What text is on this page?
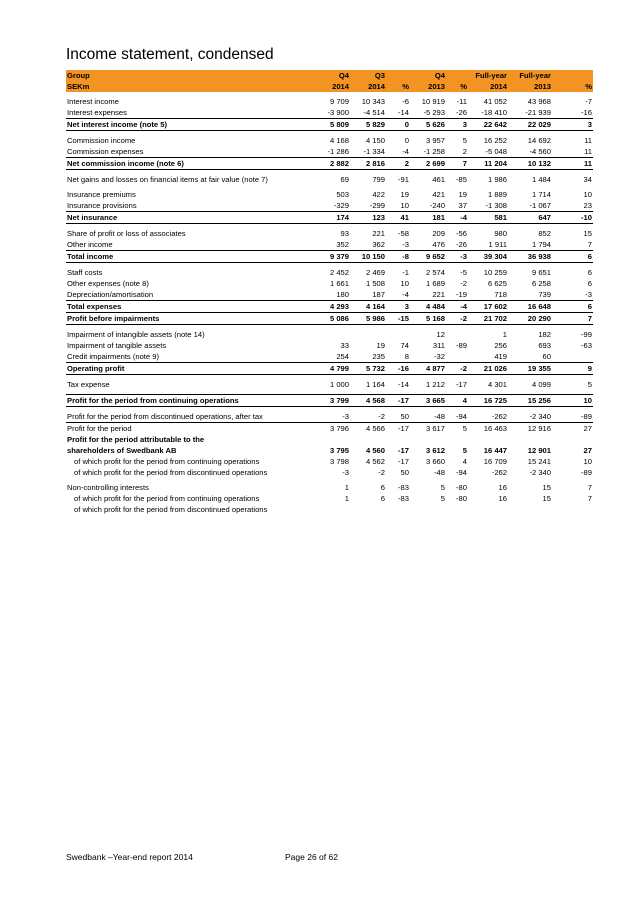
Income statement, condensed
Group	Q4	Q3		Q4		Full-year	Full-year	
SEKm	2014	2014	%	2013	%	2014	2013	%

Interest income	9 709	10 343	-6	10 919	-11	41 052	43 968	-7
Interest expenses	-3 900	-4 514	-14	-5 293	-26	-18 410	-21 939	-16
Net interest income (note 5)	5 809	5 829	0	5 626	3	22 642	22 029	3

Commission income	4 168	4 150	0	3 957	5	16 252	14 692	11
Commission expenses	-1 286	-1 334	-4	-1 258	2	-5 048	-4 560	11
Net commission income (note 6)	2 882	2 816	2	2 699	7	11 204	10 132	11

Net gains and losses on financial items at fair value (note 7)	69	799	-91	461	-85	1 986	1 484	34

Insurance premiums	503	422	19	421	19	1 889	1 714	10
Insurance provisions	-329	-299	10	-240	37	-1 308	-1 067	23
Net insurance	174	123	41	181	-4	581	647	-10

Share of profit or loss of associates	93	221	-58	209	-56	980	852	15
Other income	352	362	-3	476	-26	1 911	1 794	7
Total income	9 379	10 150	-8	9 652	-3	39 304	36 938	6

Staff costs	2 452	2 469	-1	2 574	-5	10 259	9 651	6
Other expenses (note 8)	1 661	1 508	10	1 689	-2	6 625	6 258	6
Depreciation/amortisation	180	187	-4	221	-19	718	739	-3
Total expenses	4 293	4 164	3	4 484	-4	17 602	16 648	6
Profit before impairments	5 086	5 986	-15	5 168	-2	21 702	20 290	7

Impairment of intangible assets (note 14)				12		1	182	-99
Impairment of tangible assets	33	19	74	311	-89	256	693	-63
Credit impairments (note 9)	254	235	8	-32		419	60	
Operating profit	4 799	5 732	-16	4 877	-2	21 026	19 355	9

Tax expense	1 000	1 164	-14	1 212	-17	4 301	4 099	5

Profit for the period from continuing operations	3 799	4 568	-17	3 665	4	16 725	15 256	10

Profit for the period from discontinued operations, after tax	-3	-2	50	-48	-94	-262	-2 340	-89
Profit for the period	3 796	4 566	-17	3 617	5	16 463	12 916	27
Profit for the period attributable to the								
shareholders of Swedbank AB	3 795	4 560	-17	3 612	5	16 447	12 901	27
of which profit for the period from continuing operations	3 798	4 562	-17	3 660	4	16 709	15 241	10
of which profit for the period from discontinued operations	-3	-2	50	-48	-94	-262	-2 340	-89

Non-controlling interests	1	6	-83	5	-80	16	15	7
of which profit for the period from continuing operations	1	6	-83	5	-80	16	15	7
of which profit for the period from discontinued operations								
Swedbank –Year-end report 2014	Page 26 of 62
